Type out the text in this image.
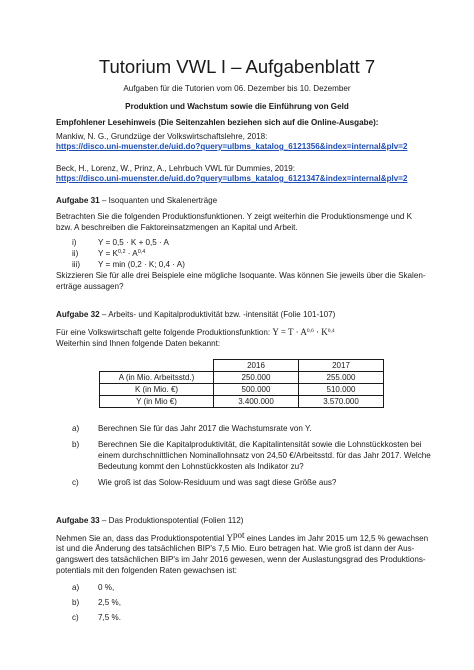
Tutorium VWL I – Aufgabenblatt 7
Aufgaben für die Tutorien vom 06. Dezember bis 10. Dezember
Produktion und Wachstum sowie die Einführung von Geld
Empfohlener Lesehinweis (Die Seitenzahlen beziehen sich auf die Online-Ausgabe):
Mankiw, N. G., Grundzüge der Volkswirtschaftslehre, 2018:
https://disco.uni-muenster.de/uid.do?query=ulbms_katalog_6121356&index=internal&plv=2
Beck, H., Lorenz, W., Prinz, A., Lehrbuch VWL für Dummies, 2019:
https://disco.uni-muenster.de/uid.do?query=ulbms_katalog_6121347&index=internal&plv=2
Aufgabe 31 – Isoquanten und Skalenerträge
Betrachten Sie die folgenden Produktionsfunktionen. Y zeigt weiterhin die Produktionsmenge und K
bzw. A beschreiben die Faktoreinsatzmengen an Kapital und Arbeit.
i)	Y = 0,5 · K + 0,5 · A
ii) Y = K$^{0,2}$ · A$^{0,4}$
iii) Y = min (0,2 · K; 0,4 · A)
Skizzieren Sie für alle drei Beispiele eine mögliche Isoquante. Was können Sie jeweils über die Skalen-
erträge aussagen?
Aufgabe 32 – Arbeits- und Kapitalproduktivität bzw. -intensität (Folie 101-107)
Für eine Volkswirtschaft gelte folgende Produktionsfunktion: Y = T · A$^{0,6}$ · K$^{0,4}$
Weiterhin sind Ihnen folgende Daten bekannt:
	2016	2017
A (in Mio. Arbeitsstd.)	250.000	255.000
K (in Mio. €)	500.000	510.000
Y (in Mio €)	3.400.000	3.570.000
a) Berechnen Sie für das Jahr 2017 die Wachstumsrate von Y.
b) Berechnen Sie die Kapitalproduktivität, die Kapitalintensität sowie die Lohnstückkosten bei
einem durchschnittlichen Nominallohnsatz von 24,50 €/Arbeitsstd. für das Jahr 2017. Welche
Bedeutung kommt den Lohnstückkosten als Indikator zu?
c) Wie groß ist das Solow-Residuum und was sagt diese Größe aus?
Aufgabe 33 – Das Produktionspotential (Folien 112)
Nehmen Sie an, dass das Produktionspotential $Y^{pot}$ eines Landes im Jahr 2015 um 12,5 % gewachsen
ist und die Änderung des tatsächlichen BIP's 7,5 Mio. Euro betragen hat. Wie groß ist dann der Aus-
gangswert des tatsächlichen BIP's im Jahr 2016 gewesen, wenn der Auslastungsgrad des Produktions-
potentials mit den folgenden Raten gewachsen ist:
a) 0 %,
b) 2,5 %,
c) 7,5 %.
